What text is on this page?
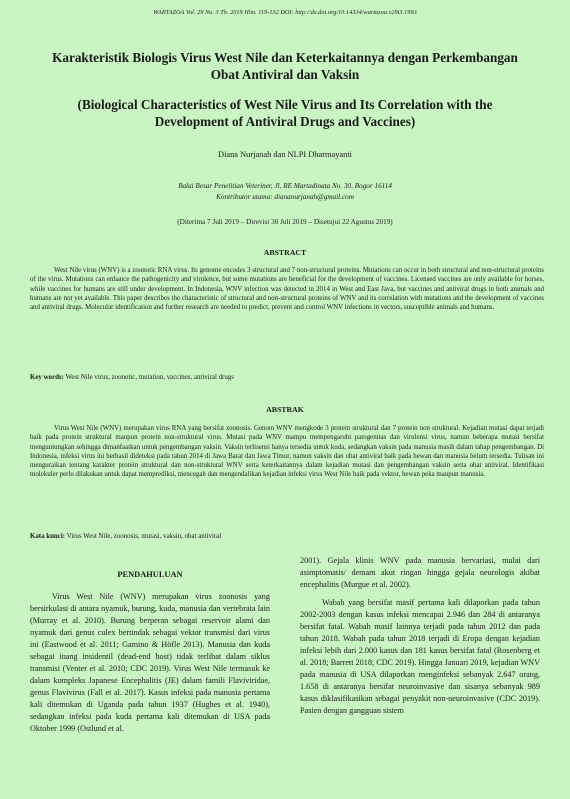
WARTAZOA Vol. 29 No. 3 Th. 2019 Hlm. 119-132 DOI: http://dx.doi.org/10.14334/wartazoa.v29i3.1993
Karakteristik Biologis Virus West Nile dan Keterkaitannya dengan Perkembangan Obat Antiviral dan Vaksin
(Biological Characteristics of West Nile Virus and Its Correlation with the Development of Antiviral Drugs and Vaccines)
Diana Nurjanah dan NLPI Dharmayanti
Balai Besar Penelitian Veteriner, Jl. RE Martadinata No. 30, Bogor 16114
Kontributor utama: diananurjanah@gmail.com
(Diterima 7 Juli 2019 – Direvisi 30 Juli 2019 – Disetujui 22 Agustus 2019)
ABSTRACT
West Nile virus (WNV) is a zoonotic RNA virus. Its genome encodes 3 structural and 7 non-structural proteins. Mutations can occur in both structural and non-structural proteins of the virus. Mutations can enhance the pathogenicity and virulence, but some mutations are beneficial for the development of vaccines. Licensed vaccines are only available for horses, while vaccines for humans are still under development. In Indonesia, WNV infection was detected in 2014 in West and East Java, but vaccines and antiviral drugs in both animals and humans are not yet available. This paper describes the characteristic of structural and non-structural proteins of WNV and its correlation with mutations and the development of vaccines and antiviral drugs. Molecular identification and further research are needed to predict, prevent and control WNV infections in vectors, susceptible animals and humans.
Key words: West Nile virus, zoonotic, mutation, vaccines, antiviral drugs
ABSTRAK
Virus West Nile (WNV) merupakan virus RNA yang bersifat zoonosis. Genom WNV mengkode 3 protein struktural dan 7 protein non struktural. Kejadian mutasi dapat terjadi baik pada protein struktural maupun protein non-struktural virus. Mutasi pada WNV mampu mempengaruhi patogenitas dan virulensi virus, namun beberapa mutasi bersifat menguntungkan sehingga dimanfaatkan untuk pengembangan vaksin. Vaksin terlisensi hanya tersedia untuk kuda, sedangkan vaksin pada manusia masih dalam tahap pengembangan. Di Indonesia, infeksi virus ini berhasil dideteksi pada tahun 2014 di Jawa Barat dan Jawa Timur, namun vaksin dan obat antiviral baik pada hewan dan manusia belum tersedia. Tulisan ini menguraikan tentang karakter protein struktural dan non-struktural WNV serta keterkaitannya dalam kejadian mutasi dan pengembangan vaksin serta obat antiviral. Identifikasi molekuler perlu dilakukan untuk dapat memprediksi, mencegah dan mengendalikan kejadian infeksi virus West Nile baik pada vektor, hewan peka maupun manusia.
Kata kunci: Virus West Nile, zoonosis, mutasi, vaksin, obat antiviral
PENDAHULUAN

Virus West Nile (WNV) merupakan virus zoonosis yang bersirkulasi di antara nyamuk, burung, kuda, manusia dan vertebrata lain (Murray et al. 2010). Burung berperan sebagai reservoir alami dan nyamuk dari genus culex bertindak sebagai vektor transmisi dari virus ini (Eastwood et al. 2011; Gamino & Höfle 2013). Manusia dan kuda sebagai inang insidentil (dead-end host) tidak terlibat dalam siklus transmisi (Venter et al. 2010; CDC 2019). Virus West Nile termasuk ke dalam kompleks Japanese Encephalitis (JE) dalam famili Flaviviridae, genus Flavivirus (Fall et al. 2017). Kasus infeksi pada manusia pertama kali ditemukan di Uganda pada tahun 1937 (Hughes et al. 1940), sedangkan infeksi pada kuda pertama kali ditemukan di USA pada Oktober 1999 (Ostlund et al.

2001). Gejala klinis WNV pada manusia bervariasi, mulai dari asimptomatis/ demam akut ringan hingga gejala neurologis akibat encephalitis (Murgue et al. 2002).

Wabah yang bersifat masif pertama kali dilaporkan pada tahun 2002-2003 dengan kasus infeksi mencapai 2.946 dan 284 di antaranya bersifat fatal. Wabah masif lainnya terjadi pada tahun 2012 dan pada tahun 2018. Wabah pada tahun 2018 terjadi di Eropa dengan kejadian infeksi lebih dari 2.000 kasus dan 181 kasus bersifat fatal (Rosenberg et al. 2018; Barrett 2018; CDC 2019). Hingga Januari 2019, kejadian WNV pada manusia di USA dilaporkan menginfeksi sebanyak 2.647 orang, 1.658 di antaranya bersifat neuroinvasive dan sisanya sebanyak 989 kasus diklasifikasikan sebagai penyakit non-neuroinvasive (CDC 2019). Pasien dengan gangguan sistem
